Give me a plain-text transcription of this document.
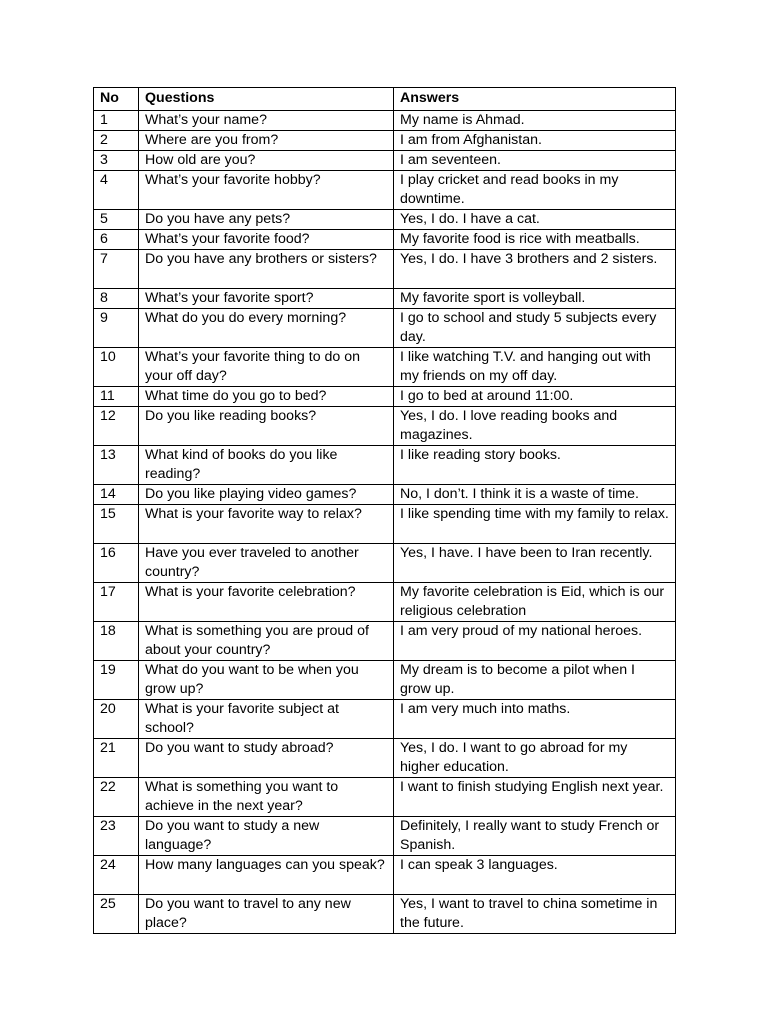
No	Questions	Answers
1	What’s your name?	My name is Ahmad.
2	Where are you from?	I am from Afghanistan.
3	How old are you?	I am seventeen.
4	What’s your favorite hobby?	I play cricket and read books in my downtime.
5	Do you have any pets?	Yes, I do. I have a cat.
6	What’s your favorite food?	My favorite food is rice with meatballs.
7	Do you have any brothers or sisters?	Yes, I do. I have 3 brothers and 2 sisters.
8	What’s your favorite sport?	My favorite sport is volleyball.
9	What do you do every morning?	I go to school and study 5 subjects every day.
10	What’s your favorite thing to do on your off day?	I like watching T.V. and hanging out with my friends on my off day.
11	What time do you go to bed?	I go to bed at around 11:00.
12	Do you like reading books?	Yes, I do. I love reading books and magazines.
13	What kind of books do you like reading?	I like reading story books.
14	Do you like playing video games?	No, I don’t. I think it is a waste of time.
15	What is your favorite way to relax?	I like spending time with my family to relax.
16	Have you ever traveled to another country?	Yes, I have. I have been to Iran recently.
17	What is your favorite celebration?	My favorite celebration is Eid, which is our religious celebration
18	What is something you are proud of about your country?	I am very proud of my national heroes.
19	What do you want to be when you grow up?	My dream is to become a pilot when I grow up.
20	What is your favorite subject at school?	I am very much into maths.
21	Do you want to study abroad?	Yes, I do. I want to go abroad for my higher education.
22	What is something you want to achieve in the next year?	I want to finish studying English next year.
23	Do you want to study a new language?	Definitely, I really want to study French or Spanish.
24	How many languages can you speak?	I can speak 3 languages.
25	Do you want to travel to any new place?	Yes, I want to travel to china sometime in the future.
